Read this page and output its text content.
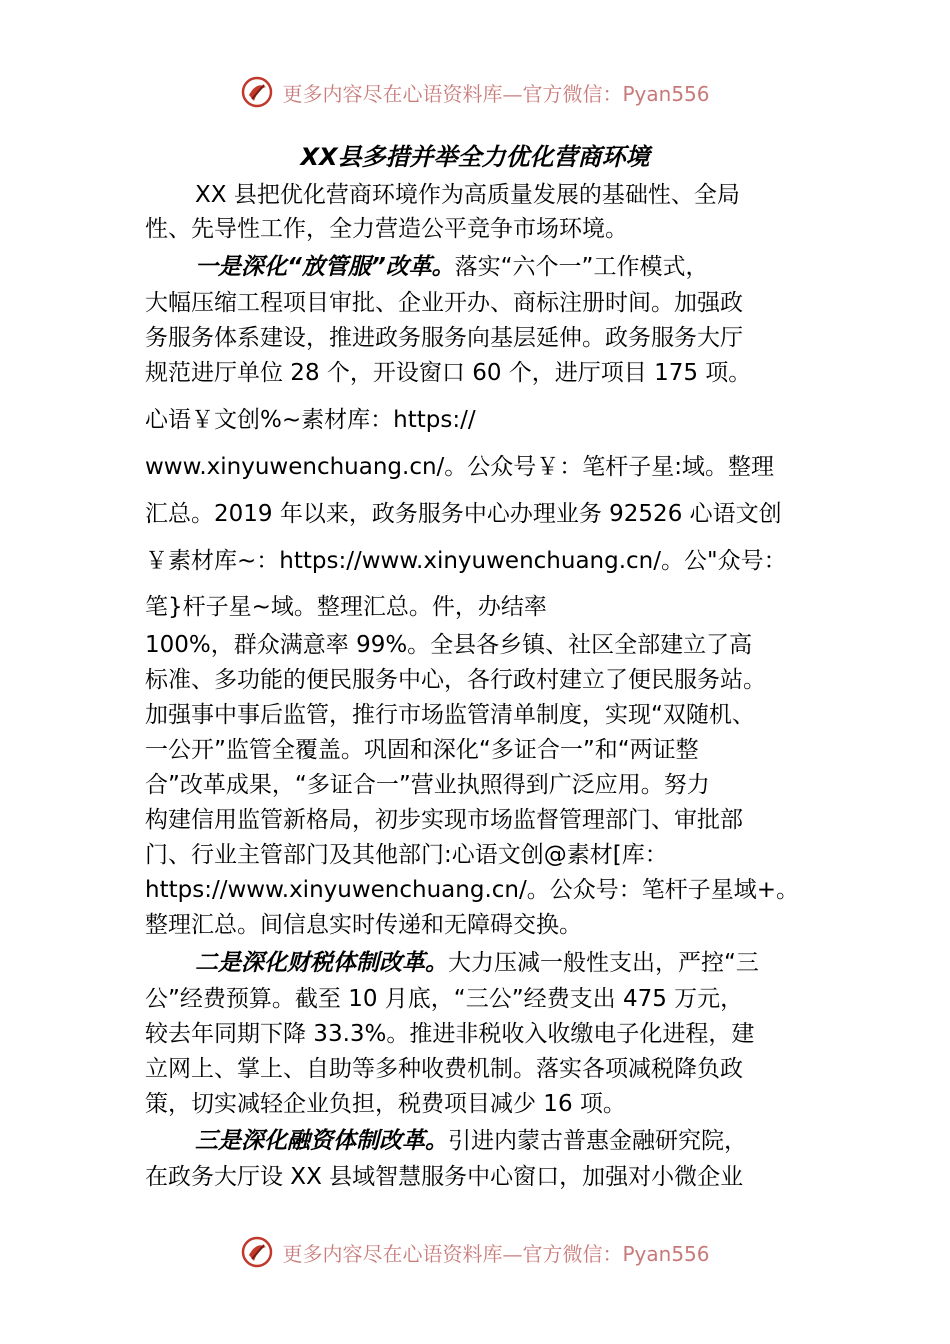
更多内容尽在心语资料库—官方微信：Pyan556
XX县多措并举全力优化营商环境
XX 县把优化营商环境作为高质量发展的基础性、全局
性、先导性工作，全力营造公平竞争市场环境。
一是深化“放管服”改革。落实“六个一”工作模式，
大幅压缩工程项目审批、企业开办、商标注册时间。加强政
务服务体系建设，推进政务服务向基层延伸。政务服务大厅
规范进厅单位 28 个，开设窗口 60 个，进厅项目 175 项。
心语￥文创%~素材库：https://
www.xinyuwenchuang.cn/。公众号￥：笔杆子星:域。整理
汇总。2019 年以来，政务服务中心办理业务 92526 心语文创
￥素材库~：https://www.xinyuwenchuang.cn/。公"众号：
笔}杆子星~域。整理汇总。件，办结率
100%，群众满意率 99%。全县各乡镇、社区全部建立了高
标准、多功能的便民服务中心，各行政村建立了便民服务站。
加强事中事后监管，推行市场监管清单制度，实现“双随机、
一公开”监管全覆盖。巩固和深化“多证合一”和“两证整
合”改革成果，“多证合一”营业执照得到广泛应用。努力
构建信用监管新格局，初步实现市场监督管理部门、审批部
门、行业主管部门及其他部门:心语文创@素材[库：
https://www.xinyuwenchuang.cn/。公众号：笔杆子星域+。
整理汇总。间信息实时传递和无障碍交换。
二是深化财税体制改革。大力压减一般性支出，严控“三
公”经费预算。截至 10 月底，“三公”经费支出 475 万元，
较去年同期下降 33.3%。推进非税收入收缴电子化进程，建
立网上、掌上、自助等多种收费机制。落实各项减税降负政
策，切实减轻企业负担，税费项目减少 16 项。
三是深化融资体制改革。引进内蒙古普惠金融研究院，
在政务大厅设 XX 县域智慧服务中心窗口，加强对小微企业
更多内容尽在心语资料库—官方微信：Pyan556
